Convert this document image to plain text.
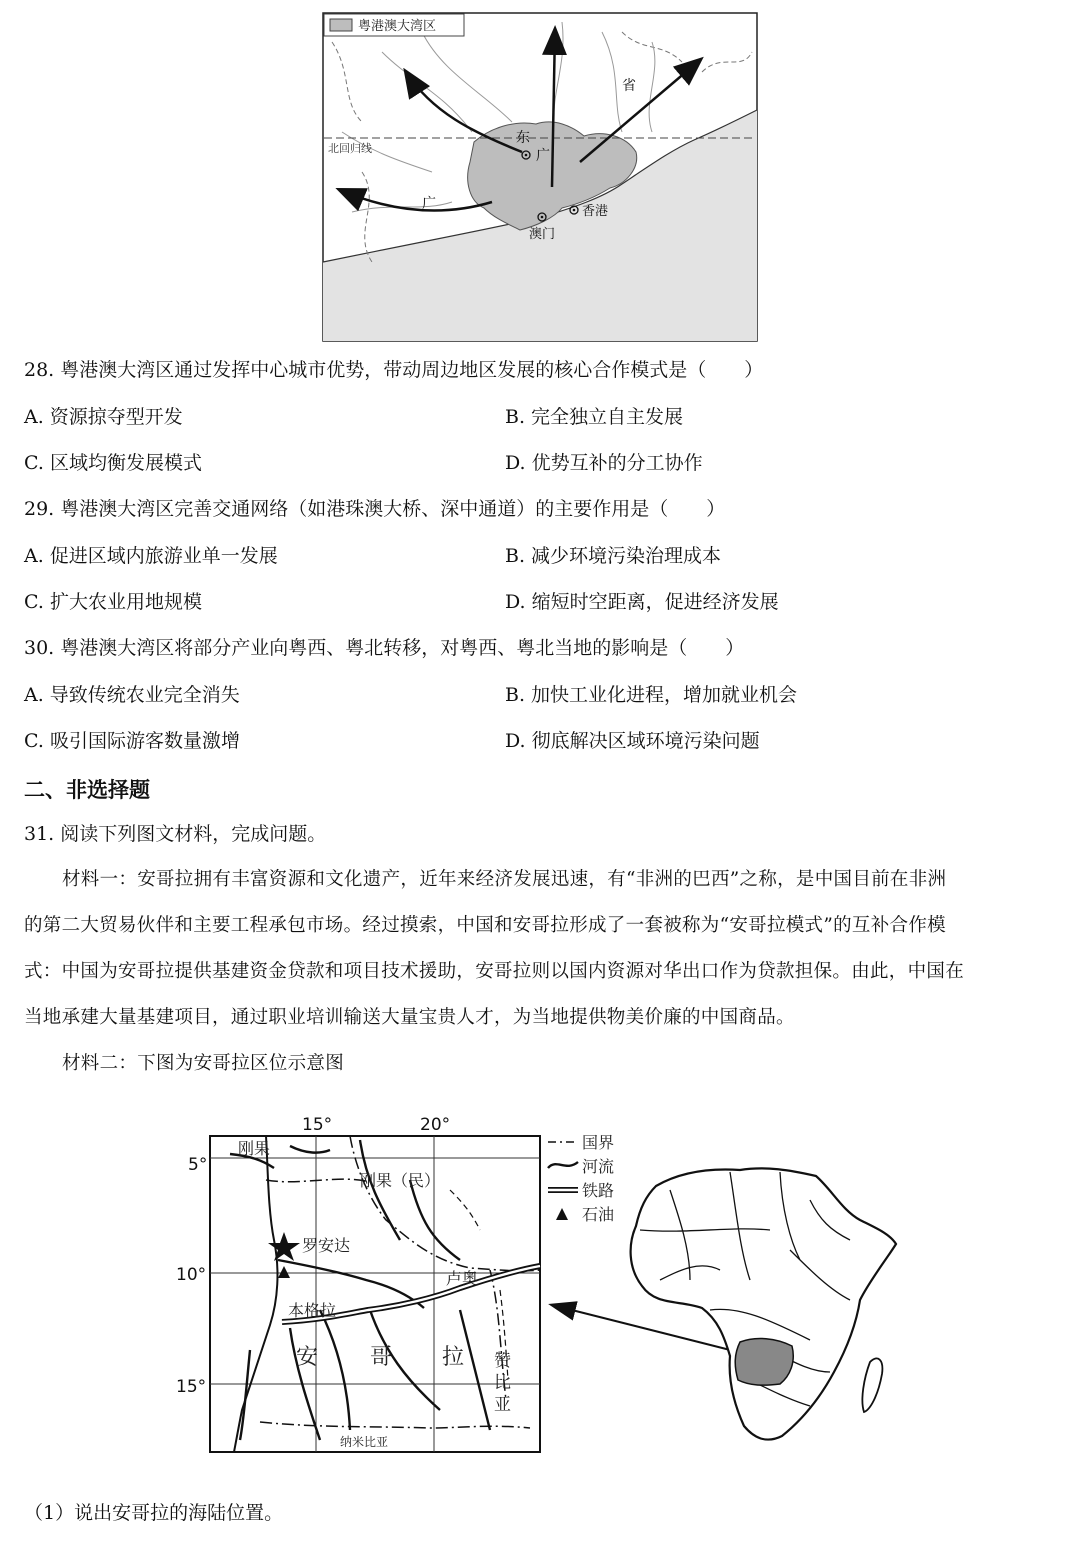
北回归线
粤港澳大湾区
东
广
省
广	香港
澳门
28. 粤港澳大湾区通过发挥中心城市优势，带动周边地区发展的核心合作模式是（　　）
A. 资源掠夺型开发	B. 完全独立自主发展
C. 区域均衡发展模式	D. 优势互补的分工协作
29. 粤港澳大湾区完善交通网络（如港珠澳大桥、深中通道）的主要作用是（　　）
A. 促进区域内旅游业单一发展	B. 减少环境污染治理成本
C. 扩大农业用地规模	D. 缩短时空距离，促进经济发展
30. 粤港澳大湾区将部分产业向粤西、粤北转移，对粤西、粤北当地的影响是（　　）
A. 导致传统农业完全消失	B. 加快工业化进程，增加就业机会
C. 吸引国际游客数量激增	D. 彻底解决区域环境污染问题
二、非选择题
31. 阅读下列图文材料，完成问题。
材料一：安哥拉拥有丰富资源和文化遗产，近年来经济发展迅速，有“非洲的巴西”之称，是中国目前在非洲
的第二大贸易伙伴和主要工程承包市场。经过摸索，中国和安哥拉形成了一套被称为“安哥拉模式”的互补合作模
式：中国为安哥拉提供基建资金贷款和项目技术援助，安哥拉则以国内资源对华出口作为贷款担保。由此，中国在
当地承建大量基建项目，通过职业培训输送大量宝贵人才，为当地提供物美价廉的中国商品。
材料二：下图为安哥拉区位示意图
15°	20°
5°
10°
15°
刚果
刚果（民）
罗安达
卢奥
本格拉
安 哥 拉 赞
比
亚
纳米比亚
国界
河流
铁路
石油
（1）说出安哥拉的海陆位置。
